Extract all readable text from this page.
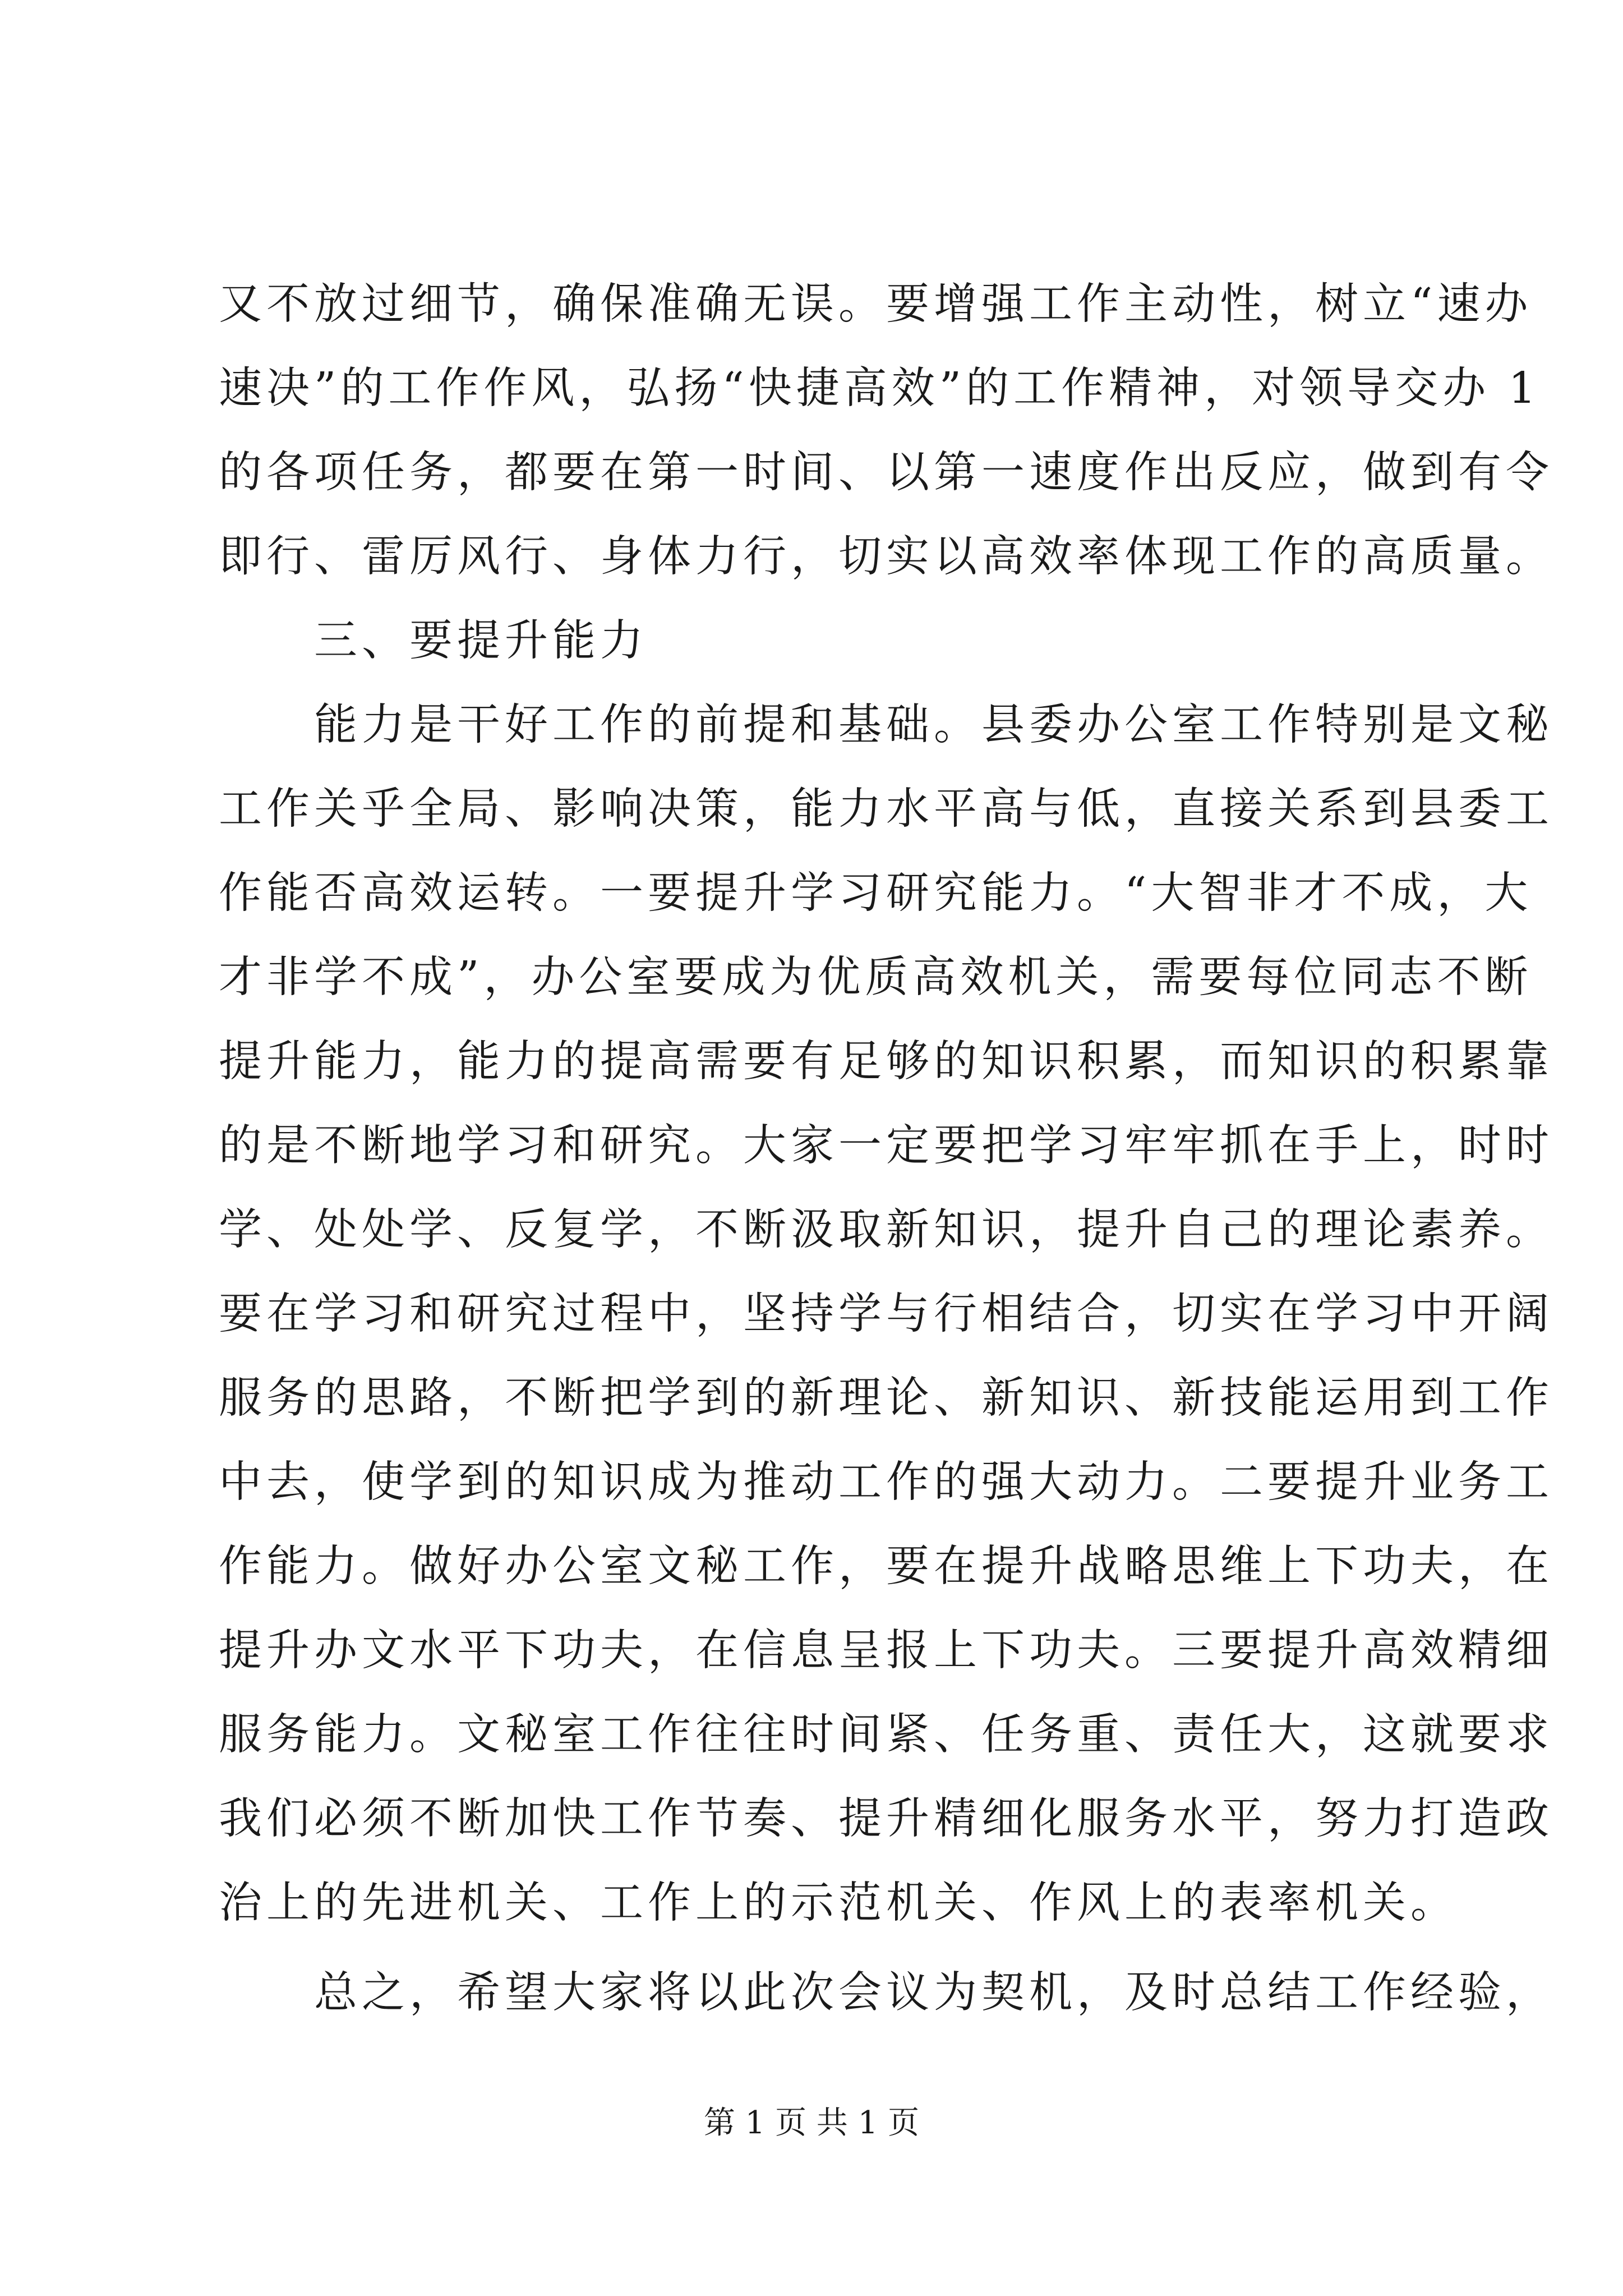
又不放过细节，确保准确无误。要增强工作主动性，树立“速办
速决”的工作作风，弘扬“快捷高效”的工作精神，对领导交办 1
的各项任务，都要在第一时间、以第一速度作出反应，做到有令
即行、雷厉风行、身体力行，切实以高效率体现工作的高质量。
三、要提升能力
能力是干好工作的前提和基础。县委办公室工作特别是文秘
工作关乎全局、影响决策，能力水平高与低，直接关系到县委工
作能否高效运转。一要提升学习研究能力。“大智非才不成，大
才非学不成”，办公室要成为优质高效机关，需要每位同志不断
提升能力，能力的提高需要有足够的知识积累，而知识的积累靠
的是不断地学习和研究。大家一定要把学习牢牢抓在手上，时时
学、处处学、反复学，不断汲取新知识，提升自己的理论素养。
要在学习和研究过程中，坚持学与行相结合，切实在学习中开阔
服务的思路，不断把学到的新理论、新知识、新技能运用到工作
中去，使学到的知识成为推动工作的强大动力。二要提升业务工
作能力。做好办公室文秘工作，要在提升战略思维上下功夫，在
提升办文水平下功夫，在信息呈报上下功夫。三要提升高效精细
服务能力。文秘室工作往往时间紧、任务重、责任大，这就要求
我们必须不断加快工作节奏、提升精细化服务水平，努力打造政
治上的先进机关、工作上的示范机关、作风上的表率机关。
总之，希望大家将以此次会议为契机，及时总结工作经验，
第 1 页 共 1 页
